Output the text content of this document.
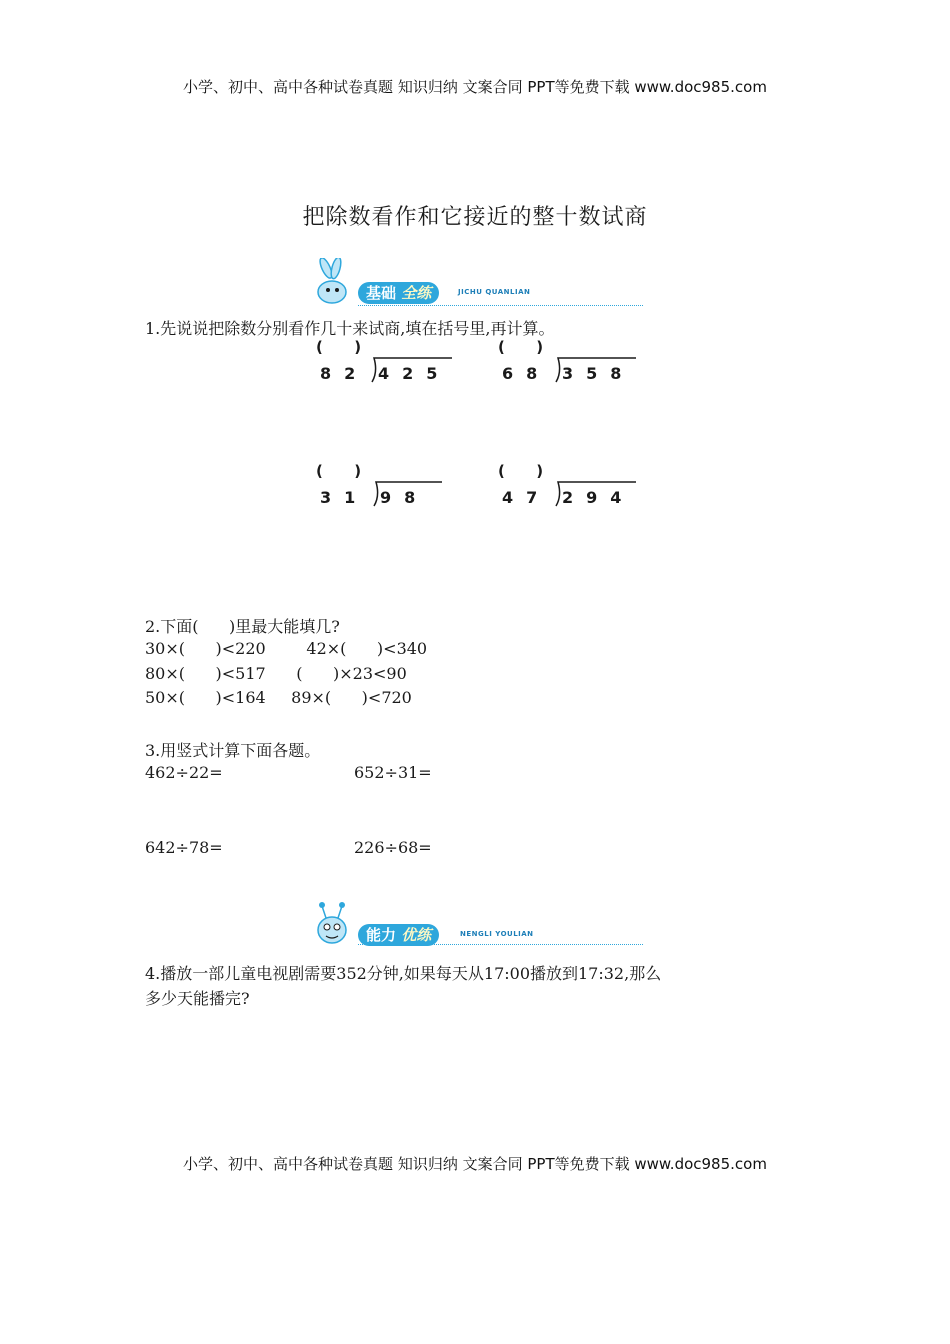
小学、初中、高中各种试卷真题 知识归纳 文案合同 PPT等免费下载 www.doc985.com
把除数看作和它接近的整十数试商
基础 全练	JICHU QUANLIAN
1.先说说把除数分别看作几十来试商,填在括号里,再计算。
(      )
82 425
(      )
68 358
(      )
31 98
(      )
47 294
2.下面(      )里最大能填几?
30×(      )<220        42×(      )<340
80×(      )<517      (      )×23<90
50×(      )<164     89×(      )<720
3.用竖式计算下面各题。
462÷22=	652÷31=
642÷78=	226÷68=
能力 优练	NENGLI YOULIAN
4.播放一部儿童电视剧需要352分钟,如果每天从17:00播放到17:32,那么
多少天能播完?
小学、初中、高中各种试卷真题 知识归纳 文案合同 PPT等免费下载 www.doc985.com
